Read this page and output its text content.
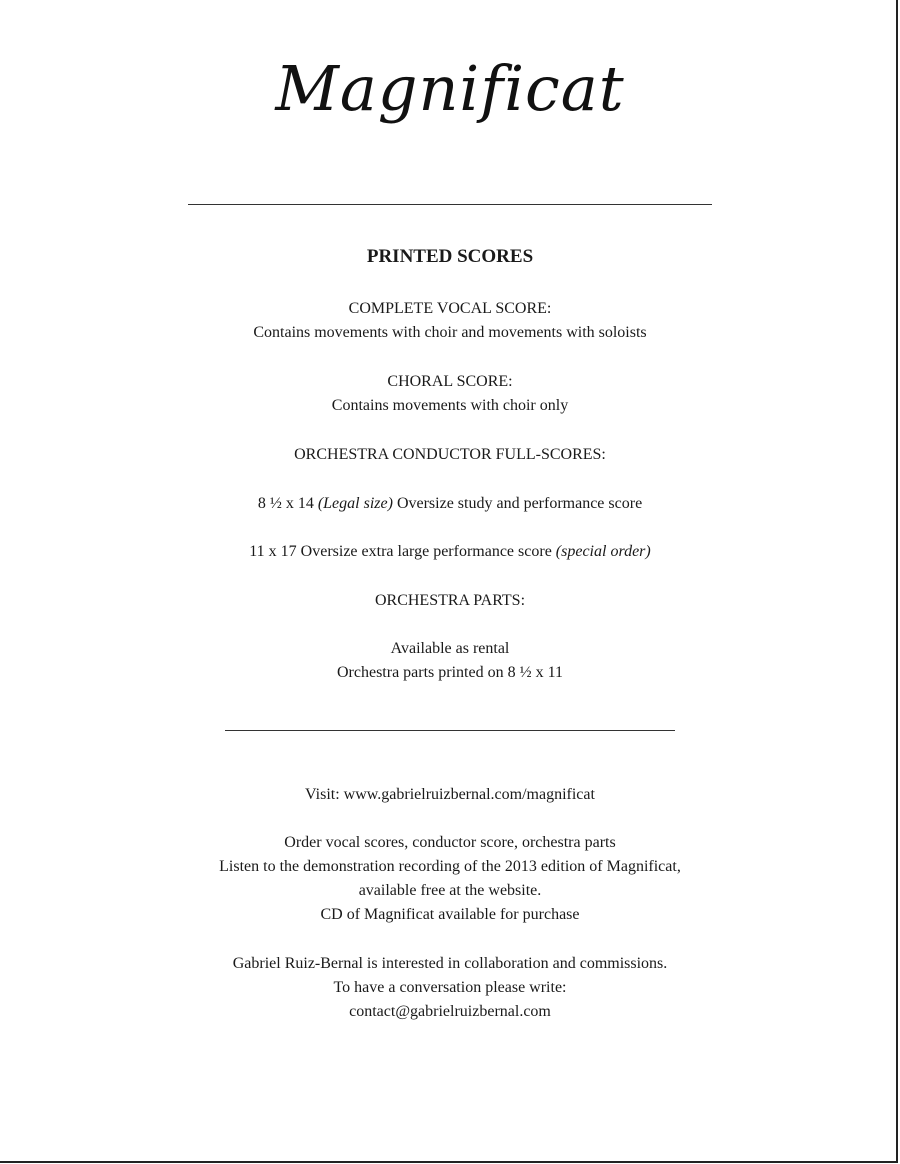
Magnificat
PRINTED SCORES
COMPLETE VOCAL SCORE:
Contains movements with choir and movements with soloists
CHORAL SCORE:
Contains movements with choir only
ORCHESTRA CONDUCTOR FULL-SCORES:
8 ½ x 14 (Legal size) Oversize study and performance score
11 x 17 Oversize extra large performance score (special order)
ORCHESTRA PARTS:
Available as rental
Orchestra parts printed on 8 ½ x 11
Visit: www.gabrielruizbernal.com/magnificat
Order vocal scores, conductor score, orchestra parts
Listen to the demonstration recording of the 2013 edition of Magnificat,
available free at the website.
CD of Magnificat available for purchase
Gabriel Ruiz-Bernal is interested in collaboration and commissions.
To have a conversation please write:
contact@gabrielruizbernal.com
